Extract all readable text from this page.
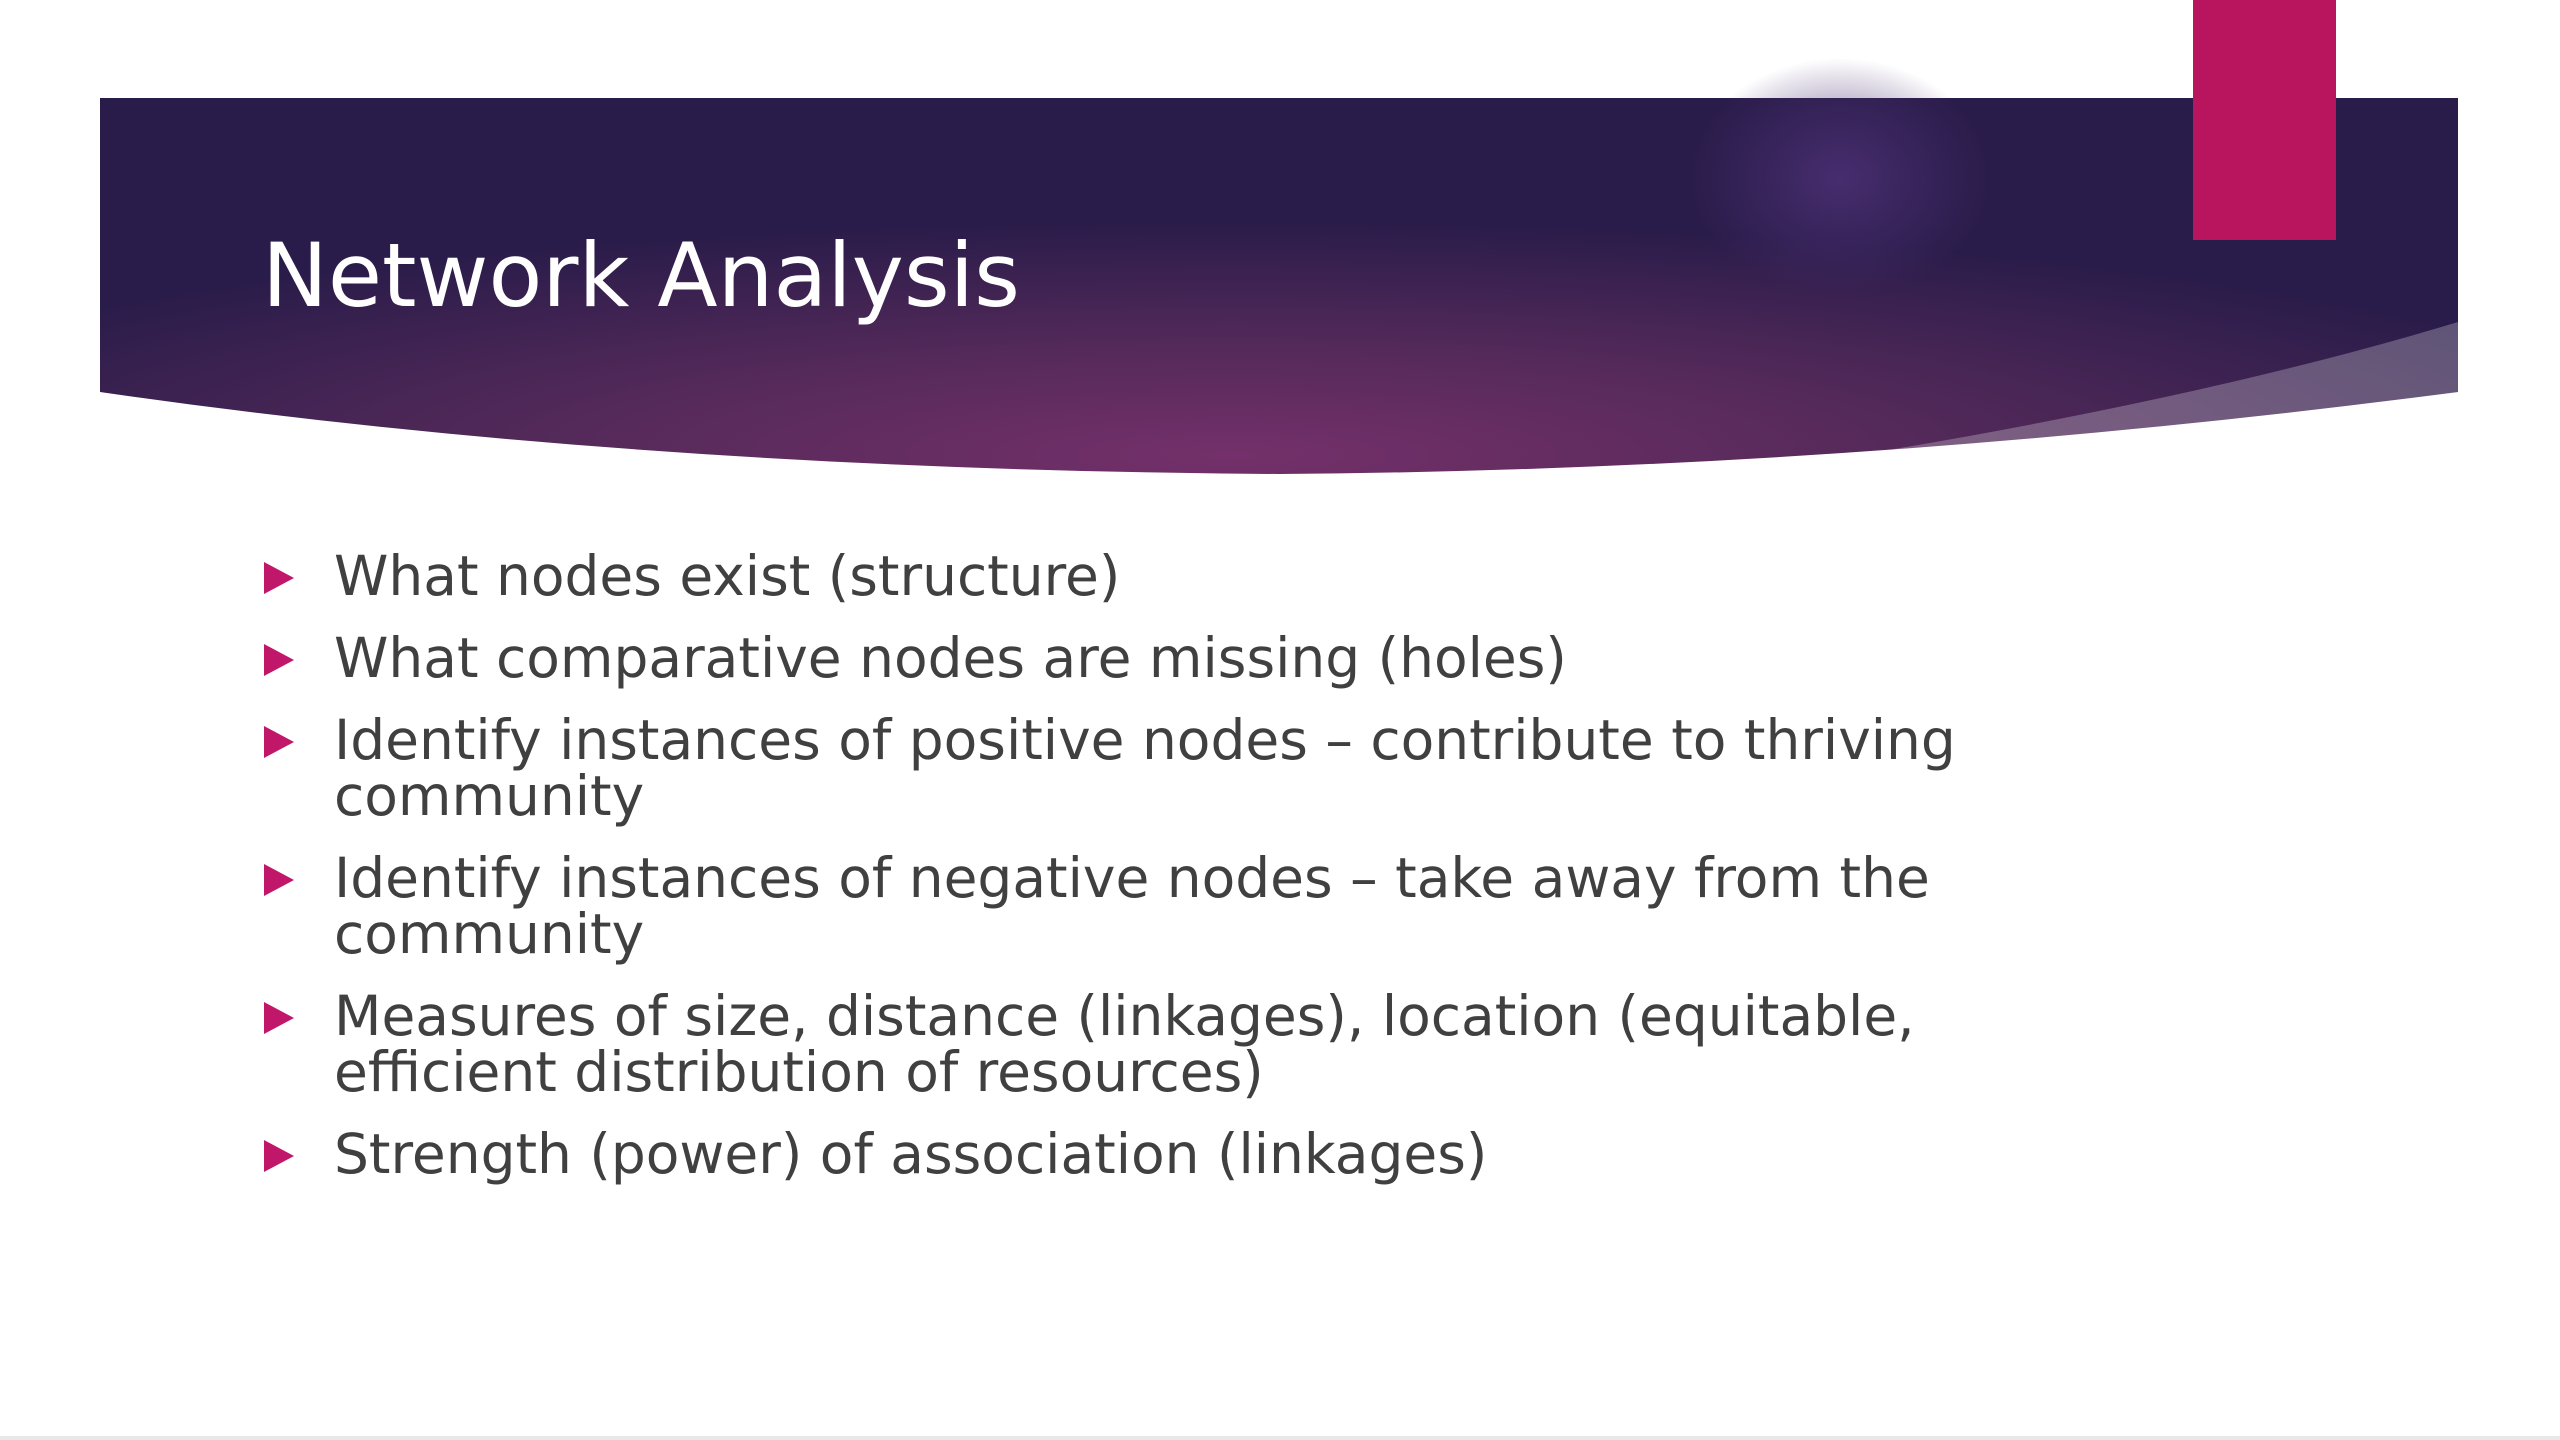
Network Analysis
What nodes exist (structure)
What comparative nodes are missing (holes)
Identify instances of positive nodes – contribute to thriving community
Identify instances of negative nodes – take away from the community
Measures of size, distance (linkages), location (equitable, efficient distribution of resources)
Strength (power) of association (linkages)
